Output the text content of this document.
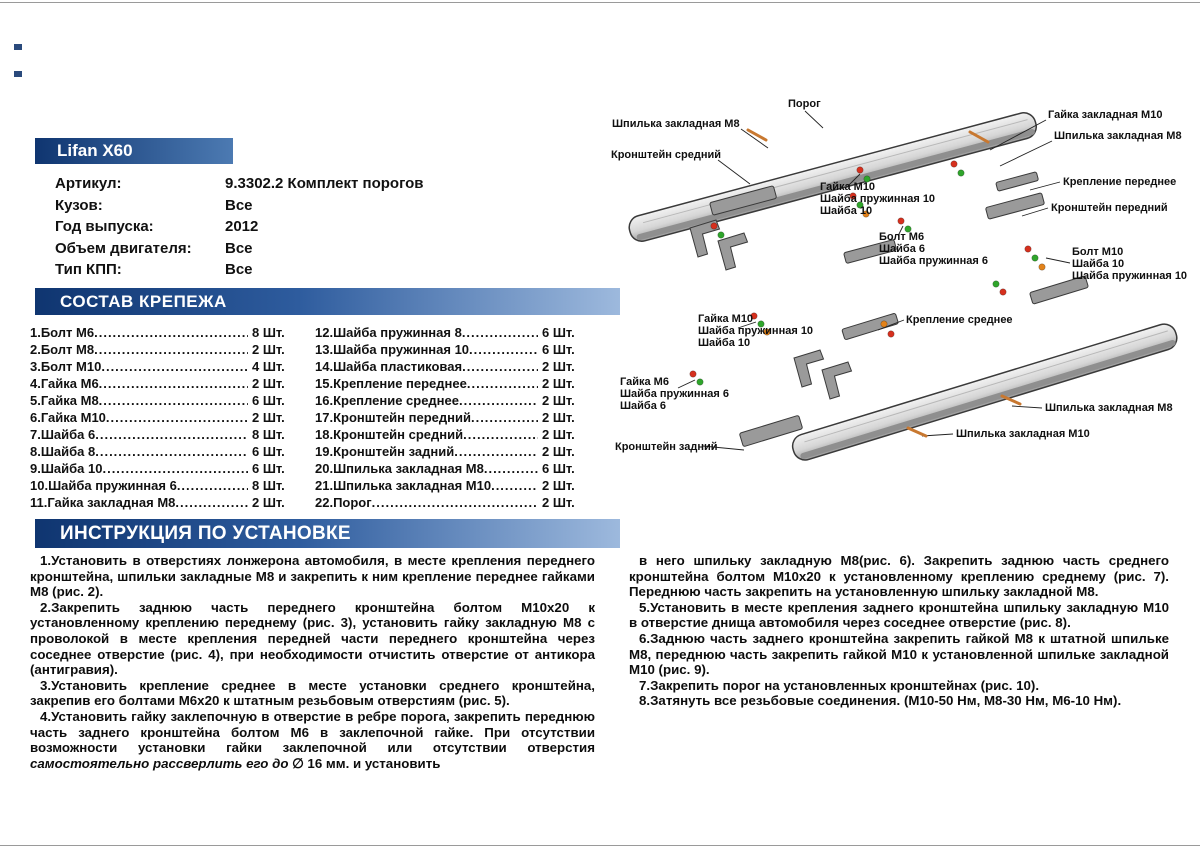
Lifan X60
Артикул:	9.3302.2 Комплект порогов
Кузов:	Все
Год выпуска:	2012
Объем двигателя: Все
Тип КПП:	Все
СОСТАВ КРЕПЕЖА
1.Болт М6 .....	8 Шт.
2.Болт М8 .....	2 Шт.
3.Болт М10 .....	4 Шт.
4.Гайка М6 .....	2 Шт.
5.Гайка М8 .....	6 Шт.
6.Гайка М10 .....	2 Шт.
7.Шайба 6 .....	8 Шт.
8.Шайба 8 .....	6 Шт.
9.Шайба 10 .....	6 Шт.
10.Шайба пружинная 6 .....	8 Шт.
11.Гайка закладная М8 .....	2 Шт.
12.Шайба пружинная 8 .....	6 Шт.
13.Шайба пружинная 10 .....	6 Шт.
14.Шайба пластиковая .....	2 Шт.
15.Крепление переднее .....	2 Шт.
16.Крепление среднее .....	2 Шт.
17.Кронштейн передний .....	2 Шт.
18.Кронштейн средний .....	2 Шт.
19.Кронштейн задний .....	2 Шт.
20.Шпилька закладная М8 .....	6 Шт.
21.Шпилька закладная М10 .....	2 Шт.
22.Порог .....	2 Шт.
Порог
Шпилька закладная М8
Кронштейн средний
Гайка закладная М10
Шпилька закладная М8
Крепление переднее
Кронштейн передний
Гайка М10
Шайба пружинная 10
Шайба 10
Болт М6
Шайба 6
Шайба пружинная 6
Болт М10
Шайба 10
Шайба пружинная 10
Гайка М10
Шайба пружинная 10
Шайба 10
Крепление среднее
Гайка М6
Шайба пружинная 6
Шайба 6	Шпилька закладная М8
Шпилька закладная М10
Кронштейн задний
ИНСТРУКЦИЯ ПО УСТАНОВКЕ

1.Установить в отверстиях лонжерона автомобиля, в месте крепления переднего кронштейна, шпильки закладные М8 и закрепить к ним крепление переднее гайками М8 (рис. 2).

2.Закрепить заднюю часть переднего кронштейна болтом М10х20 к установленному креплению переднему (рис. 3), установить гайку закладную М8 с проволокой в месте крепления передней части переднего кронштейна через соседнее отверстие (рис. 4), при необходимости отчистить отверстие от антикора (антигравия).

3.Установить крепление среднее в месте установки среднего кронштейна, закрепив его болтами М6х20 к штатным резьбовым отверстиям (рис. 5).

4.Установить гайку заклепочную в отверстие в ребре порога, закрепить переднюю часть заднего кронштейна болтом М6 в заклепочной гайке. При отсутствии возможности установки гайки заклепочной или отсутствии отверстия самостоятельно рассверлить его до ∅ 16 мм. и установить

в него шпильку закладную М8(рис. 6). Закрепить заднюю часть среднего кронштейна болтом М10х20 к установленному креплению среднему (рис. 7). Переднюю часть закрепить на установленную шпильку закладной М8.

5.Установить в месте крепления заднего кронштейна шпильку закладную М10 в отверстие днища автомобиля через соседнее отверстие (рис. 8).

6.Заднюю часть заднего кронштейна закрепить гайкой М8 к штатной шпильке М8, переднюю часть закрепить гайкой М10 к установленной шпильке закладной М10 (рис. 9).

7.Закрепить порог на установленных кронштейнах (рис. 10).

8.Затянуть все резьбовые соединения. (М10-50 Нм, М8-30 Нм, М6-10 Нм).
